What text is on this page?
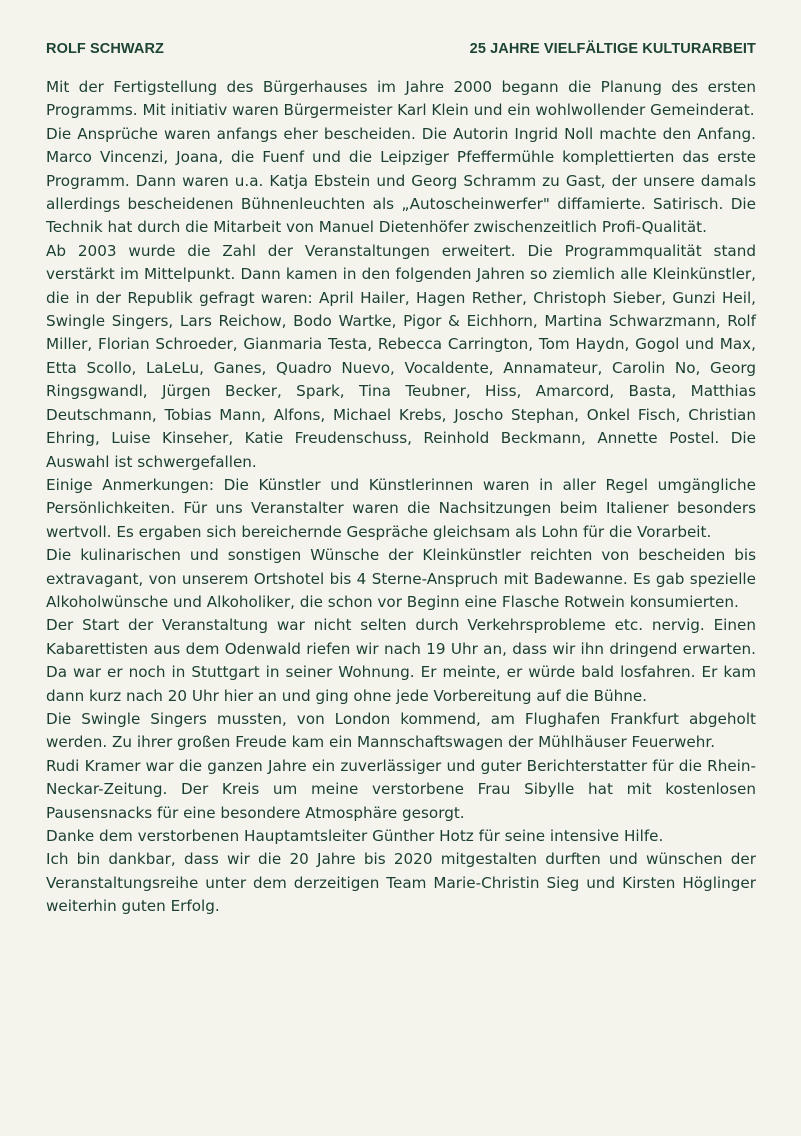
ROLF SCHWARZ	25 JAHRE VIELFÄLTIGE KULTURARBEIT

Mit der Fertigstellung des Bürgerhauses im Jahre 2000 begann die Planung des ersten Programms. Mit initiativ waren Bürgermeister Karl Klein und ein wohlwollender Gemeinderat.

Die Ansprüche waren anfangs eher bescheiden. Die Autorin Ingrid Noll machte den Anfang. Marco Vincenzi, Joana, die Fuenf und die Leipziger Pfeffermühle komplettierten das erste Programm. Dann waren u.a. Katja Ebstein und Georg Schramm zu Gast, der unsere damals allerdings bescheidenen Bühnenleuchten als „Autoscheinwerfer" diffamierte. Satirisch. Die Technik hat durch die Mitarbeit von Manuel Dietenhöfer zwischenzeitlich Profi-Qualität.

Ab 2003 wurde die Zahl der Veranstaltungen erweitert. Die Programmqualität stand verstärkt im Mittelpunkt. Dann kamen in den folgenden Jahren so ziemlich alle Kleinkünstler, die in der Republik gefragt waren: April Hailer, Hagen Rether, Christoph Sieber, Gunzi Heil, Swingle Singers, Lars Reichow, Bodo Wartke, Pigor & Eichhorn, Martina Schwarzmann, Rolf Miller, Florian Schroeder, Gianmaria Testa, Rebecca Carrington, Tom Haydn, Gogol und Max, Etta Scollo, LaLeLu, Ganes, Quadro Nuevo, Vocaldente, Annamateur, Carolin No, Georg Ringsgwandl, Jürgen Becker, Spark, Tina Teubner, Hiss, Amarcord, Basta, Matthias Deutschmann, Tobias Mann, Alfons, Michael Krebs, Joscho Stephan, Onkel Fisch, Christian Ehring, Luise Kinseher, Katie Freudenschuss, Reinhold Beckmann, Annette Postel. Die Auswahl ist schwergefallen.

Einige Anmerkungen: Die Künstler und Künstlerinnen waren in aller Regel umgängliche Persönlichkeiten. Für uns Veranstalter waren die Nachsitzungen beim Italiener besonders wertvoll. Es ergaben sich bereichernde Gespräche gleichsam als Lohn für die Vorarbeit.

Die kulinarischen und sonstigen Wünsche der Kleinkünstler reichten von bescheiden bis extravagant, von unserem Ortshotel bis 4 Sterne-Anspruch mit Badewanne. Es gab spezielle Alkoholwünsche und Alkoholiker, die schon vor Beginn eine Flasche Rotwein konsumierten.

Der Start der Veranstaltung war nicht selten durch Verkehrsprobleme etc. nervig. Einen Kabarettisten aus dem Odenwald riefen wir nach 19 Uhr an, dass wir ihn dringend erwarten. Da war er noch in Stuttgart in seiner Wohnung. Er meinte, er würde bald losfahren. Er kam dann kurz nach 20 Uhr hier an und ging ohne jede Vorbereitung auf die Bühne.

Die Swingle Singers mussten, von London kommend, am Flughafen Frankfurt abgeholt werden. Zu ihrer großen Freude kam ein Mannschaftswagen der Mühlhäuser Feuerwehr.

Rudi Kramer war die ganzen Jahre ein zuverlässiger und guter Berichterstatter für die Rhein-Neckar-Zeitung. Der Kreis um meine verstorbene Frau Sibylle hat mit kostenlosen Pausensnacks für eine besondere Atmosphäre gesorgt.

Danke dem verstorbenen Hauptamtsleiter Günther Hotz für seine intensive Hilfe.

Ich bin dankbar, dass wir die 20 Jahre bis 2020 mitgestalten durften und wünschen der Veranstaltungsreihe unter dem derzeitigen Team Marie-Christin Sieg und Kirsten Höglinger weiterhin guten Erfolg.
